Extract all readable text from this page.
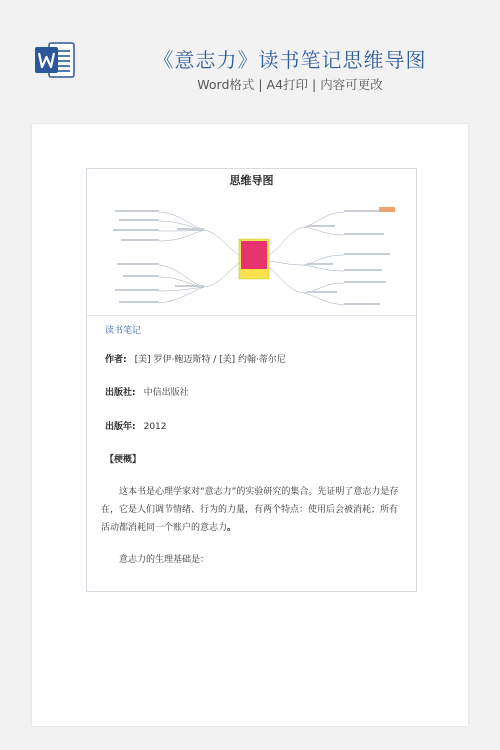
《意志力》读书笔记思维导图
Word格式 | A4打印 | 内容可更改
思维导图
读书笔记
作者: [美] 罗伊·鲍迈斯特 / [美] 约翰·蒂尔尼
出版社: 中信出版社
出版年: 2012
【梗概】

这本书是心理学家对“意志力”的实验研究的集合。先证明了意志力是存在，它是人们调节情绪、行为的力量，有两个特点：使用后会被消耗；所有活动都消耗同一个账户的意志力。

意志力的生理基础是：
